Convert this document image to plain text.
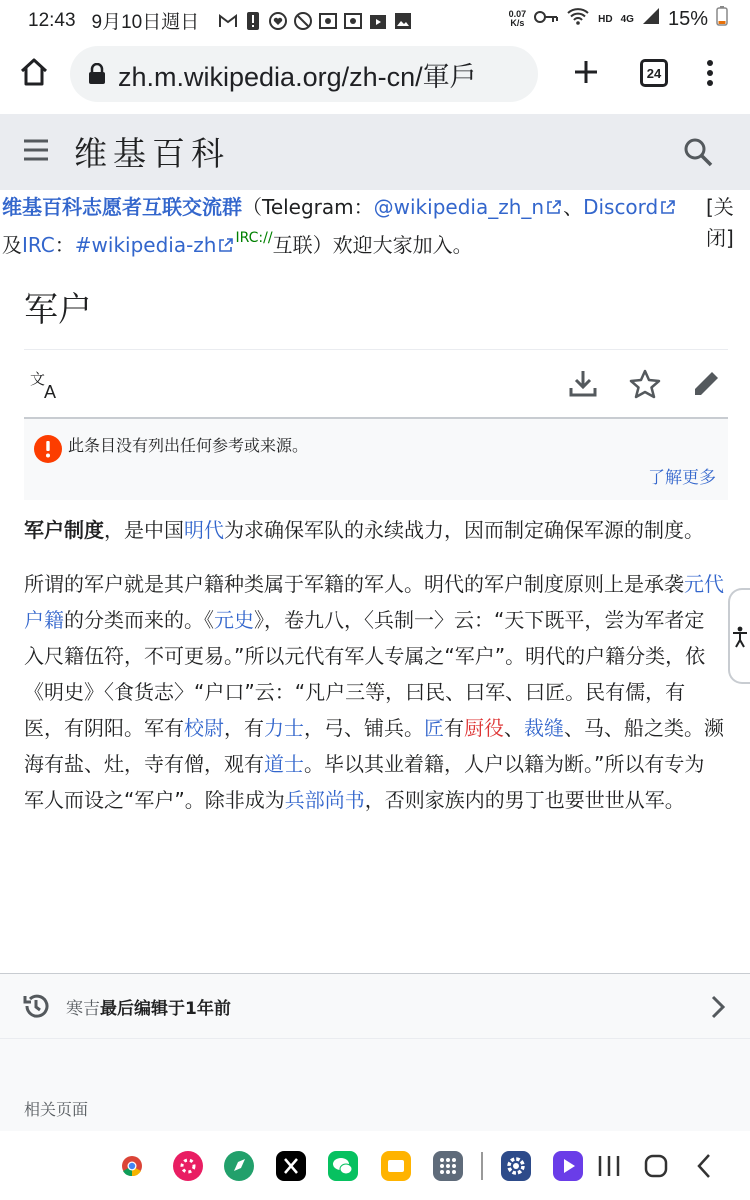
12:43 9月10日週日	0.07
K/s	HD 4G 15%
zh.m.wikipedia.org/zh-cn/軍戶	24
维基百科
维基百科志愿者互联交流群（Telegram：@wikipedia_zh_n 、Discord
及IRC：#wikipedia-zh $^{IRC://}$互联）欢迎大家加入。
[关
闭]
军户
文
A
此条目没有列出任何参考或来源。
了解更多

军户制度，是中国明代为求确保军队的永续战力，因而制定确保军源的制度。

所谓的军户就是其户籍种类属于军籍的军人。明代的军户制度原则上是承袭元代户籍的分类而来的。《元史》，卷九八，〈兵制一〉云：“天下既平，尝为军者定入尺籍伍符，不可更易。”所以元代有军人专属之“军户”。明代的户籍分类，依《明史》〈食货志〉“户口”云：“凡户三等，曰民、曰军、曰匠。民有儒，有医，有阴阳。军有校尉，有力士，弓、铺兵。匠有厨役、裁缝、马、船之类。濒海有盐、灶，寺有僧，观有道士。毕以其业着籍，人户以籍为断。”所以有专为军人而设之“军户”。除非成为兵部尚书，否则家族内的男丁也要世世从军。

寒吉最后编辑于1年前
相关页面
